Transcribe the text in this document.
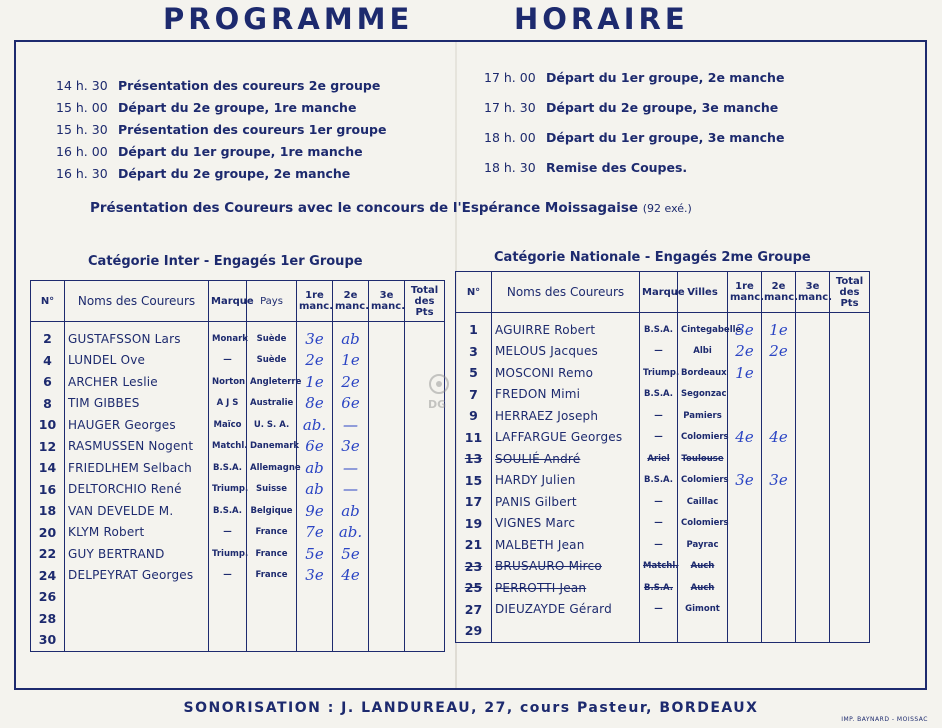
PROGRAMME	HORAIRE
14 h. 30 Présentation des coureurs 2e groupe
15 h. 00 Départ du 2e groupe, 1re manche
15 h. 30 Présentation des coureurs 1er groupe
16 h. 00 Départ du 1er groupe, 1re manche
16 h. 30 Départ du 2e groupe, 2e manche
17 h. 00 Départ du 1er groupe, 2e manche
17 h. 30 Départ du 2e groupe, 3e manche
18 h. 00 Départ du 1er groupe, 3e manche
18 h. 30 Remise des Coupes.
Présentation des Coureurs avec le concours de l'Espérance Moissagaise (92 exé.)
Catégorie Inter - Engagés 1er Groupe	Catégorie Nationale - Engagés 2me Groupe
N°	Noms des Coureurs	Marque	Pays	1re manc.	2e manc.	3e manc.	Total des Pts

2	GUSTAFSSON Lars	Monark	Suède	3e	ab		
4	LUNDEL Ove	—	Suède	2e	1e		
6	ARCHER Leslie	Norton	Angleterre	1e	2e		
8	TIM GIBBES	A J S	Australie	8e	6e		
10	HAUGER Georges	Maïco	U. S. A.	ab.	—		
12	RASMUSSEN Nogent	Matchl.	Danemark	6e	3e		
14	FRIEDLHEM Selbach	B.S.A.	Allemagne	ab	—		
16	DELTORCHIO René	Triump.	Suisse	ab	—		
18	VAN DEVELDE M.	B.S.A.	Belgique	9e	ab		
20	KLYM Robert	—	France	7e	ab.		
22	GUY BERTRAND	Triump.	France	5e	5e		
24	DELPEYRAT Georges	—	France	3e	4e		
26							
28							
30							
N°	Noms des Coureurs	Marque	Villes	1re manc.	2e manc.	3e manc.	Total des Pts

1	AGUIRRE Robert	B.S.A.	Cintegabelle	3e	1e		
3	MELOUS Jacques	—	Albi	2e	2e		
5	MOSCONI Remo	Triump.	Bordeaux	1e			
7	FREDON Mimi	B.S.A.	Segonzac				
9	HERRAEZ Joseph	—	Pamiers				
11	LAFFARGUE Georges	—	Colomiers	4e	4e		
13	SOULIÉ André	Ariel	Toulouse				
15	HARDY Julien	B.S.A.	Colomiers	3e	3e		
17	PANIS Gilbert	—	Caillac				
19	VIGNES Marc	—	Colomiers				
21	MALBETH Jean	—	Payrac				
23	BRUSAURO Mirco	Matchl.	Auch				
25	PERROTTI Jean	B.S.A.	Auch				
27	DIEUZAYDE Gérard	—	Gimont				
29							
DG
SONORISATION : J. LANDUREAU, 27, cours Pasteur, BORDEAUX
IMP. BAYNARD - MOISSAC
